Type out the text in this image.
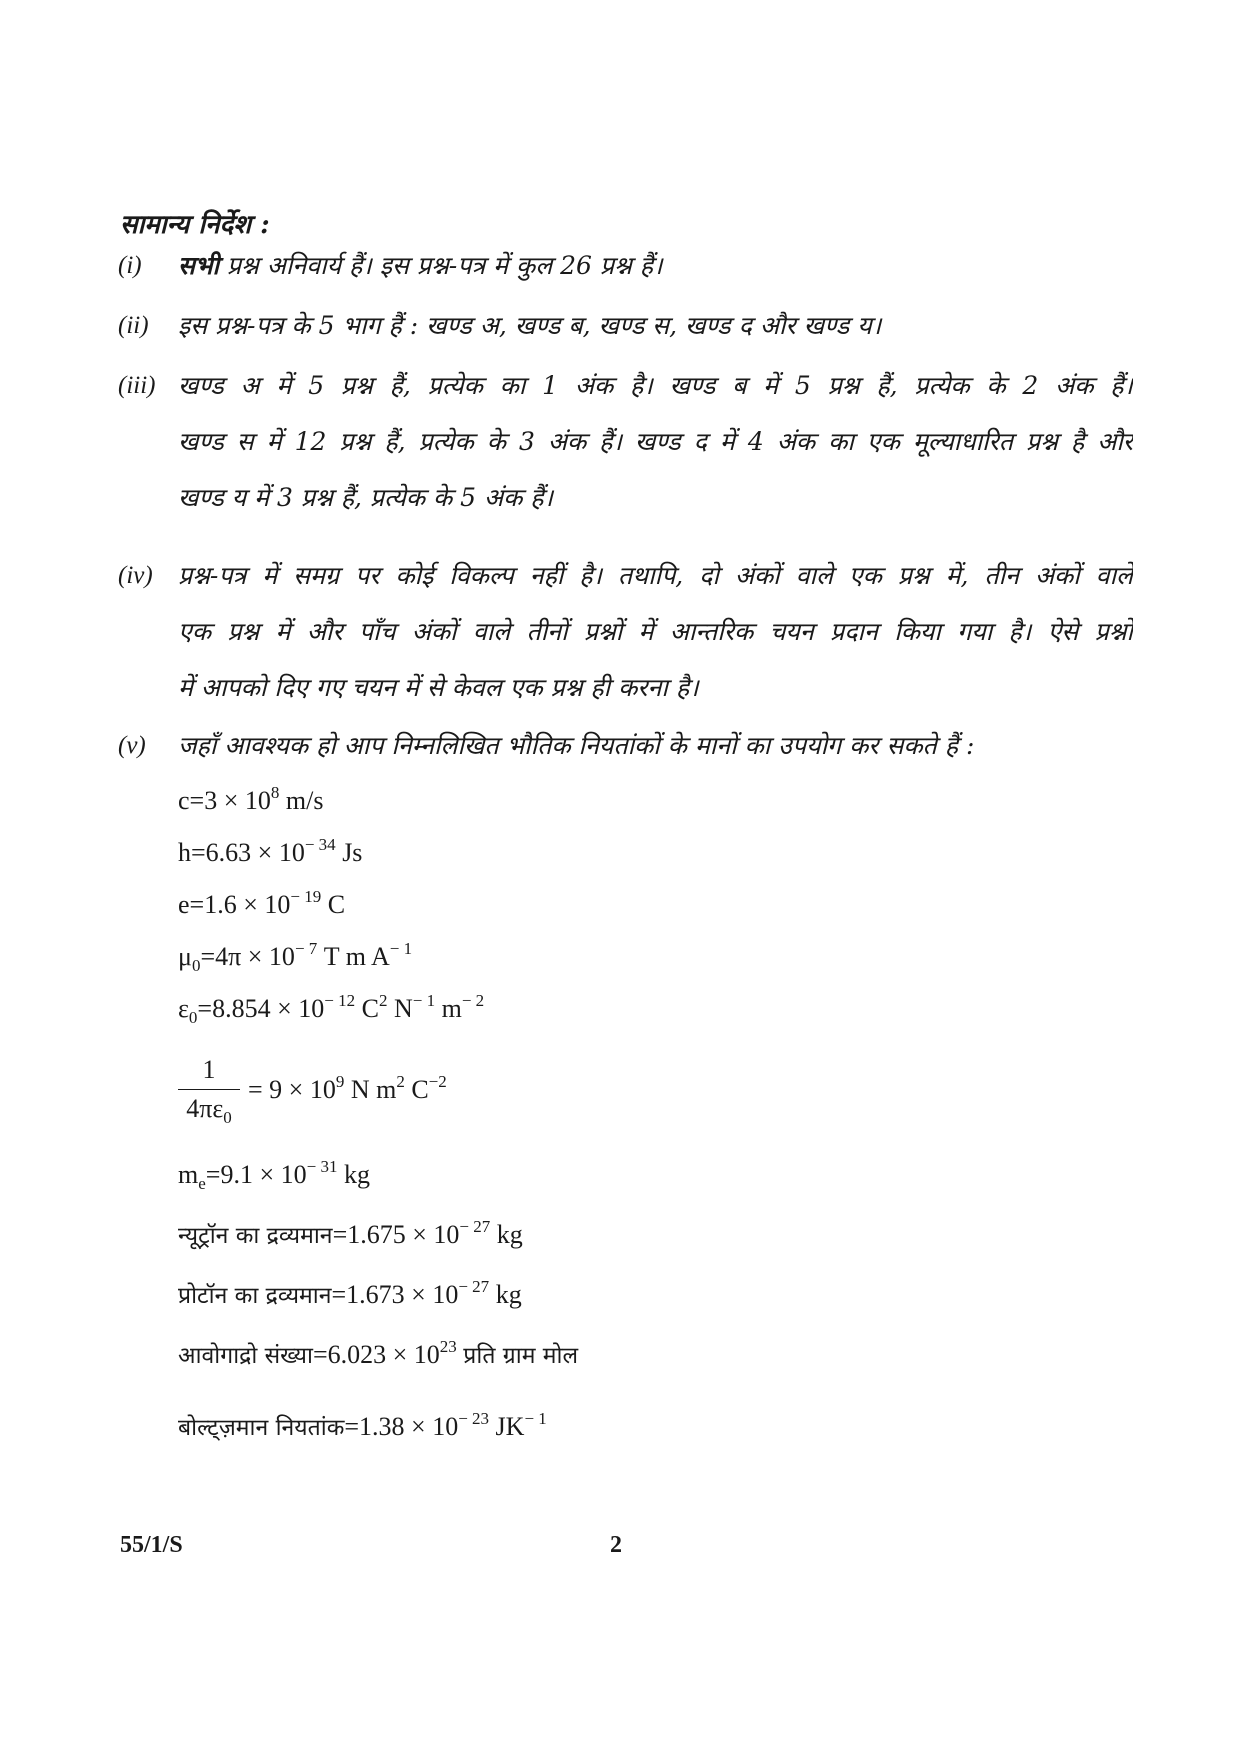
सामान्य निर्देश :
(i) सभी प्रश्न अनिवार्य हैं। इस प्रश्न-पत्र में कुल 26 प्रश्न हैं।
(ii) इस प्रश्न-पत्र के 5 भाग हैं : खण्ड अ, खण्ड ब, खण्ड स, खण्ड द और खण्ड य।
(iii) खण्ड अ में 5 प्रश्न हैं, प्रत्येक का 1 अंक है। खण्ड ब में 5 प्रश्न हैं, प्रत्येक के 2 अंक हैं।
खण्ड स में 12 प्रश्न हैं, प्रत्येक के 3 अंक हैं। खण्ड द में 4 अंक का एक मूल्याधारित प्रश्न है और
खण्ड य में 3 प्रश्न हैं, प्रत्येक के 5 अंक हैं।
(iv) प्रश्न-पत्र में समग्र पर कोई विकल्प नहीं है। तथापि, दो अंकों वाले एक प्रश्न में, तीन अंकों वाले
एक प्रश्न में और पाँच अंकों वाले तीनों प्रश्नों में आन्तरिक चयन प्रदान किया गया है। ऐसे प्रश्नों
में आपको दिए गए चयन में से केवल एक प्रश्न ही करना है।
(v) जहाँ आवश्यक हो आप निम्नलिखित भौतिक नियतांकों के मानों का उपयोग कर सकते हैं :
$c=3 \times 10^8$ m/s
$h=6.63 \times 10^{- 34}$ Js
$e=1.6 \times 10^{- 19}$ C
$\mu_0=4\pi \times 10^{- 7}$ T m $A^{- 1}$
$\varepsilon_0=8.854 \times 10^{- 12}$ $C^2$ $N^{- 1}$ $m^{- 2}$
$\frac{1}{4\pi\varepsilon_0} = 9 \times 10^9$ N $m^2$ $C^{-2}$
$m_e=9.1 \times 10^{- 31}$ kg
न्यूट्रॉन का द्रव्यमान=1.675 × $10^{- 27}$ kg
प्रोटॉन का द्रव्यमान=1.673 × $10^{- 27}$ kg
आवोगाद्रो संख्या=6.023 × $10^{23}$ प्रति ग्राम मोल
बोल्ट्ज़मान नियतांक=1.38 × $10^{- 23}$ $JK^{- 1}$
55/1/S	2
